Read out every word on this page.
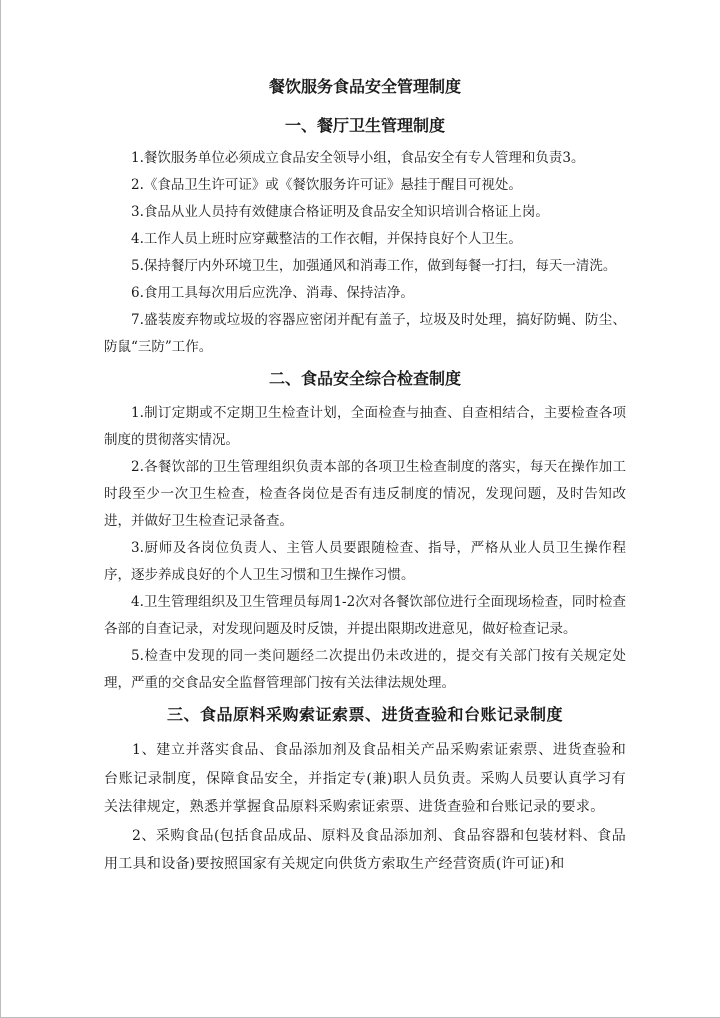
餐饮服务食品安全管理制度
一、餐厅卫生管理制度

1.餐饮服务单位必须成立食品安全领导小组，食品安全有专人管理和负责3。

2.《食品卫生许可证》或《餐饮服务许可证》悬挂于醒目可视处。

3.食品从业人员持有效健康合格证明及食品安全知识培训合格证上岗。

4.工作人员上班时应穿戴整洁的工作衣帽，并保持良好个人卫生。

5.保持餐厅内外环境卫生，加强通风和消毒工作，做到每餐一打扫，每天一清洗。

6.食用工具每次用后应洗净、消毒、保持洁净。

7.盛装废弃物或垃圾的容器应密闭并配有盖子，垃圾及时处理，搞好防蝇、防尘、防鼠“三防”工作。

二、食品安全综合检查制度

1.制订定期或不定期卫生检查计划，全面检查与抽查、自查相结合，主要检查各项制度的贯彻落实情况。

2.各餐饮部的卫生管理组织负责本部的各项卫生检查制度的落实，每天在操作加工时段至少一次卫生检查，检查各岗位是否有违反制度的情况，发现问题，及时告知改进，并做好卫生检查记录备查。

3.厨师及各岗位负责人、主管人员要跟随检查、指导，严格从业人员卫生操作程序，逐步养成良好的个人卫生习惯和卫生操作习惯。

4.卫生管理组织及卫生管理员每周1-2次对各餐饮部位进行全面现场检查，同时检查各部的自查记录，对发现问题及时反馈，并提出限期改进意见，做好检查记录。

5.检查中发现的同一类问题经二次提出仍未改进的，提交有关部门按有关规定处理，严重的交食品安全监督管理部门按有关法律法规处理。

三、食品原料采购索证索票、进货查验和台账记录制度

1、建立并落实食品、食品添加剂及食品相关产品采购索证索票、进货查验和台账记录制度，保障食品安全，并指定专(兼)职人员负责。采购人员要认真学习有关法律规定，熟悉并掌握食品原料采购索证索票、进货查验和台账记录的要求。

2、采购食品(包括食品成品、原料及食品添加剂、食品容器和包装材料、食品用工具和设备)要按照国家有关规定向供货方索取生产经营资质(许可证)和
